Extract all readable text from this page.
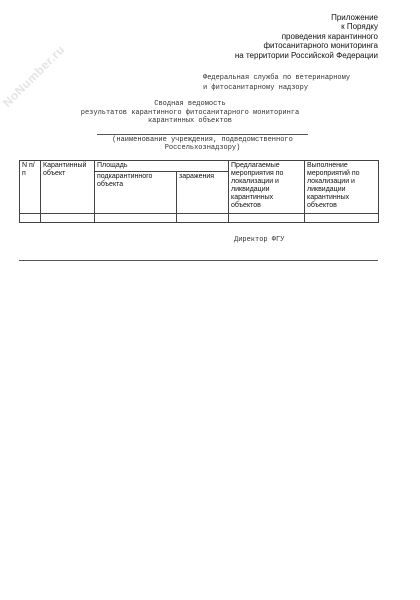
NoNumber.ru
Приложение
к Порядку
проведения карантинного
фитосанитарного мониторинга
на территории Российской Федерации
Федеральная служба по ветеринарному
и фитосанитарному надзору
Сводная ведомость
результатов карантинного фитосанитарного мониторинга
карантинных объектов
(наименование учреждения, подведомственного
Россельхознадзору)
N п/п	Карантинный объект	Площадь		Предлагаемые мероприятия по локализации и ликвидации карантинных объектов	Выполнение мероприятий по локализации и ликвидации карантинных объектов
		подкарантинного объекта	заражения		

Директор ФГУ
